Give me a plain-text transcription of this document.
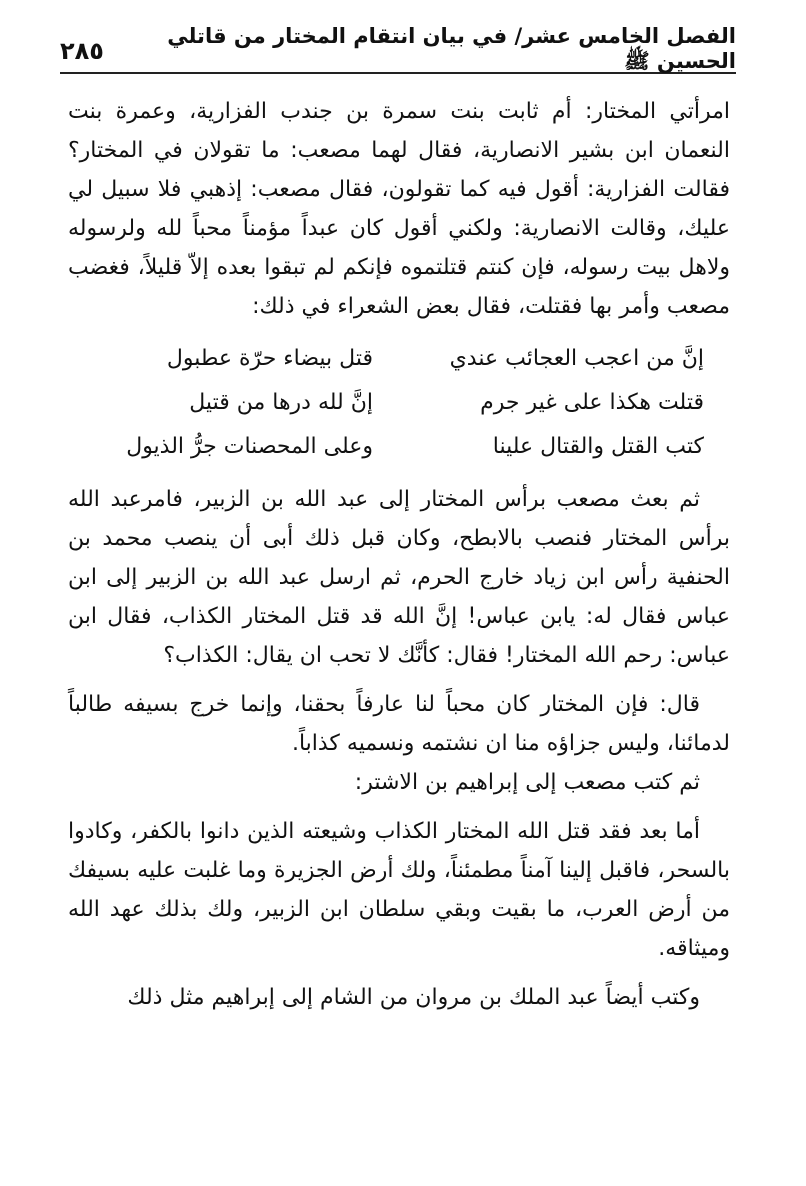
الفصل الخامس عشر/ في بيان انتقام المختار من قاتلي الحسين ﷺ
٢٨٥

امرأتي المختار: أم ثابت بنت سمرة بن جندب الفزارية، وعمرة بنت النعمان ابن بشير الانصارية، فقال لهما مصعب: ما تقولان في المختار؟ فقالت الفزارية: أقول فيه كما تقولون، فقال مصعب: إذهبي فلا سبيل لي عليك، وقالت الانصارية: ولكني أقول كان عبداً مؤمناً محباً لله ولرسوله ولاهل بيت رسوله، فإن كنتم قتلتموه فإنكم لم تبقوا بعده إلاّ قليلاً، فغضب مصعب وأمر بها فقتلت، فقال بعض الشعراء في ذلك:

إنَّ من اعجب العجائب عندي
قتل بيضاء حرّة عطبول
قتلت هكذا على غير جرم
إنَّ لله درها من قتيل
كتب القتل والقتال علينا
وعلى المحصنات جرُّ الذيول

ثم بعث مصعب برأس المختار إلى عبد الله بن الزبير، فامرعبد الله برأس المختار فنصب بالابطح، وكان قبل ذلك أبى أن ينصب محمد بن الحنفية رأس ابن زياد خارج الحرم، ثم ارسل عبد الله بن الزبير إلى ابن عباس فقال له: يابن عباس! إنَّ الله قد قتل المختار الكذاب، فقال ابن عباس: رحم الله المختار! فقال: كأنَّك لا تحب ان يقال: الكذاب؟

قال: فإن المختار كان محباً لنا عارفاً بحقنا، وإنما خرج بسيفه طالباً لدمائنا، وليس جزاؤه منا ان نشتمه ونسميه كذاباً.

ثم كتب مصعب إلى إبراهيم بن الاشتر:

أما بعد فقد قتل الله المختار الكذاب وشيعته الذين دانوا بالكفر، وكادوا بالسحر، فاقبل إلينا آمناً مطمئناً، ولك أرض الجزيرة وما غلبت عليه بسيفك من أرض العرب، ما بقيت وبقي سلطان ابن الزبير، ولك بذلك عهد الله وميثاقه.

وكتب أيضاً عبد الملك بن مروان من الشام إلى إبراهيم مثل ذلك
